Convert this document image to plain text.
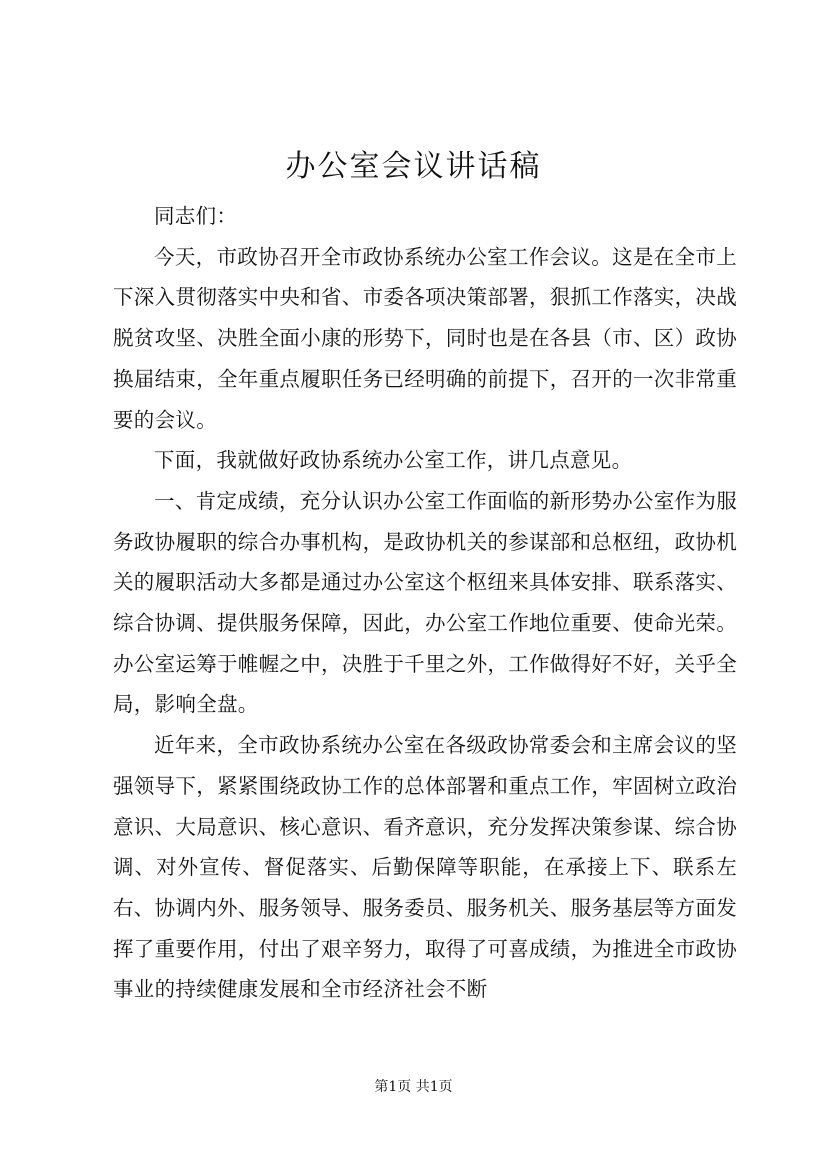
办公室会议讲话稿

同志们：

今天，市政协召开全市政协系统办公室工作会议。这是在全市上下深入贯彻落实中央和省、市委各项决策部署，狠抓工作落实，决战脱贫攻坚、决胜全面小康的形势下，同时也是在各县（市、区）政协换届结束，全年重点履职任务已经明确的前提下，召开的一次非常重要的会议。

下面，我就做好政协系统办公室工作，讲几点意见。

一、肯定成绩，充分认识办公室工作面临的新形势办公室作为服务政协履职的综合办事机构，是政协机关的参谋部和总枢纽，政协机关的履职活动大多都是通过办公室这个枢纽来具体安排、联系落实、综合协调、提供服务保障，因此，办公室工作地位重要、使命光荣。办公室运筹于帷幄之中，决胜于千里之外，工作做得好不好，关乎全局，影响全盘。

近年来，全市政协系统办公室在各级政协常委会和主席会议的坚强领导下，紧紧围绕政协工作的总体部署和重点工作，牢固树立政治意识、大局意识、核心意识、看齐意识，充分发挥决策参谋、综合协调、对外宣传、督促落实、后勤保障等职能，在承接上下、联系左右、协调内外、服务领导、服务委员、服务机关、服务基层等方面发挥了重要作用，付出了艰辛努力，取得了可喜成绩，为推进全市政协事业的持续健康发展和全市经济社会不断

第1页 共1页
